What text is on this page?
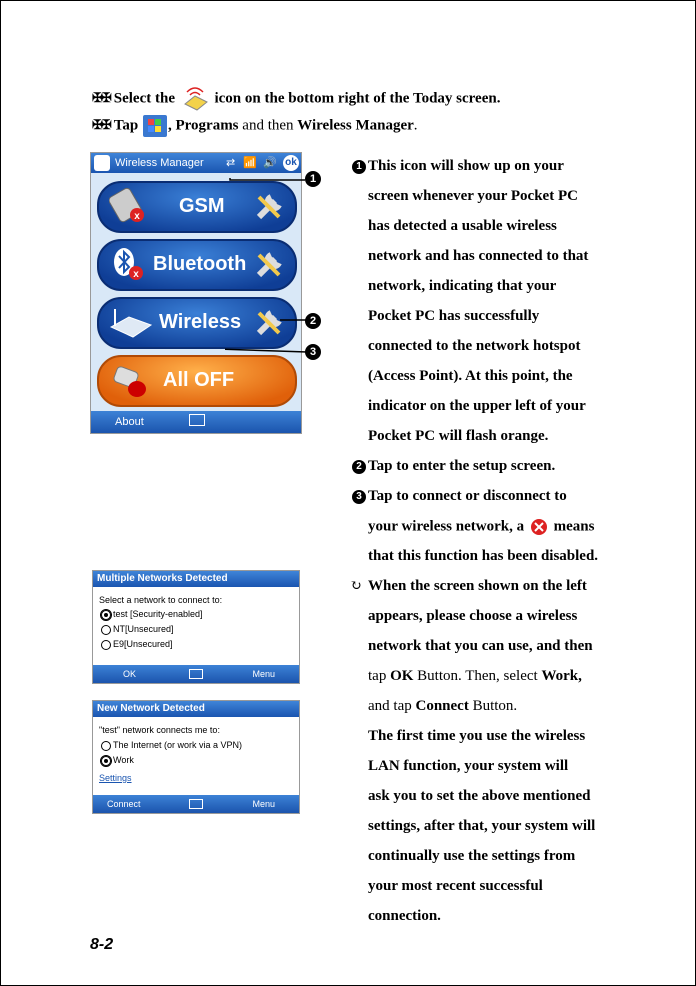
✠✠ Select the	icon on the bottom right of the Today screen.
✠✠ Tap , Programs and then Wireless Manager.
Wireless Manager ⇄ 📶 🔊 ok
x GSM
x Bluetooth
Wireless
All OFF
About
1
2
3
1 This icon will show up on your
screen whenever your Pocket PC
has detected a usable wireless
network and has connected to that
network, indicating that your
Pocket PC has successfully
connected to the network hotspot
(Access Point). At this point, the
indicator on the upper left of your
Pocket PC will flash orange.
2 Tap to enter the setup screen.
3 Tap to connect or disconnect to
your wireless network, a means
that this function has been disabled.
↻ When the screen shown on the left
appears, please choose a wireless
network that you can use, and then
tap OK Button. Then, select Work,
and tap Connect Button.
The first time you use the wireless
LAN function, your system will
ask you to set the above mentioned
settings, after that, your system will
continually use the settings from
your most recent successful
connection.
Multiple Networks Detected
Select a network to connect to:
test [Security-enabled]
NT[Unsecured]
E9[Unsecured]
OK	Menu
New Network Detected
"test" network connects me to:
The Internet (or work via a VPN)
Work
Settings
Connect	Menu
8-2
